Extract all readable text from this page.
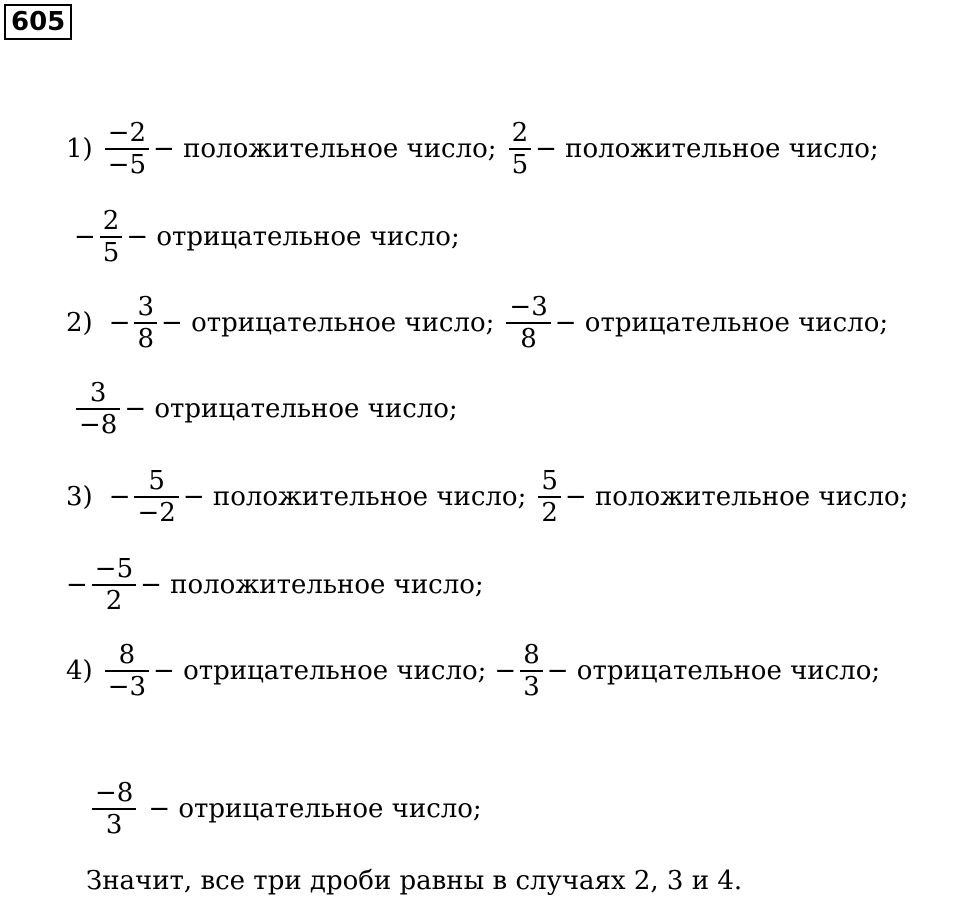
605
$1) \frac{-2}{-5}$ − положительное число; $\frac{2}{5}$ − положительное число;
− $\frac{2}{5}$ − отрицательное число;
$2) - \frac{3}{8}$ − отрицательное число; $\frac{-3}{8}$ − отрицательное число;
$\frac{3}{-8}$ − отрицательное число;
$3) - \frac{5}{-2}$ − положительное число; $\frac{5}{2}$ − положительное число;
− $\frac{-5}{2}$ − положительное число;
$4) \frac{8}{-3}$ − отрицательное число; − $\frac{8}{3}$ − отрицательное число;
$\frac{-8}{3}$ − отрицательное число;
Значит, все три дроби равны в случаях 2, 3 и 4.
